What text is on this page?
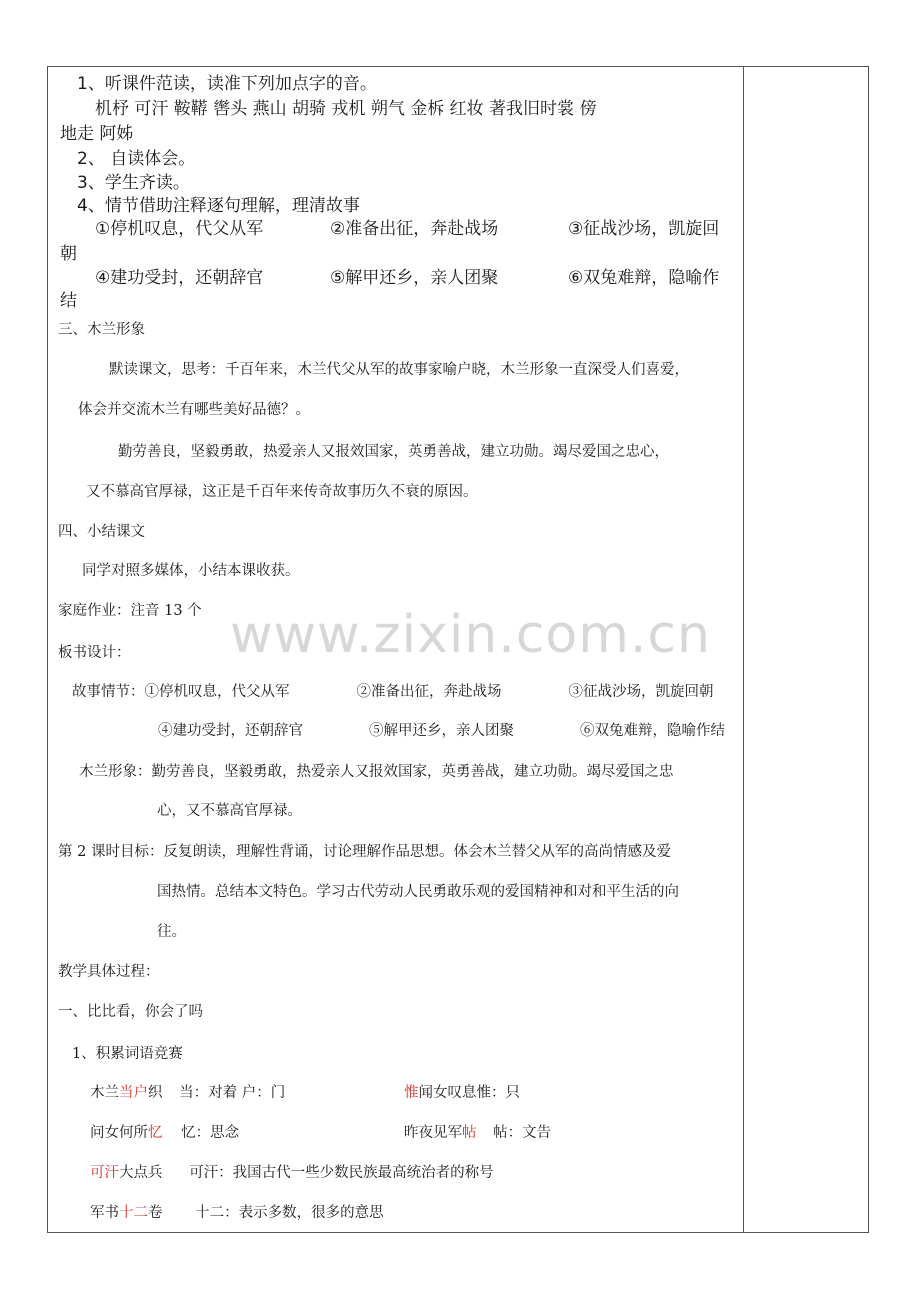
www.zixin.com.cn
1、听课件范读，读准下列加点字的音。
机杼 可汗 鞍鞯 辔头 燕山 胡骑 戎机 朔气 金柝 红妆 著我旧时裳 傍
地走 阿姊
2、 自读体会。
3、学生齐读。
4、情节借助注释逐句理解，理清故事
①停机叹息，代父从军	②准备出征，奔赴战场	③征战沙场，凯旋回
朝
④建功受封，还朝辞官	⑤解甲还乡，亲人团聚	⑥双兔难辩，隐喻作
结
三、木兰形象
默读课文，思考：千百年来，木兰代父从军的故事家喻户晓，木兰形象一直深受人们喜爱，
体会并交流木兰有哪些美好品德？。
勤劳善良，坚毅勇敢，热爱亲人又报效国家，英勇善战，建立功勋。竭尽爱国之忠心，
又不慕高官厚禄，这正是千百年来传奇故事历久不衰的原因。
四、小结课文
同学对照多媒体，小结本课收获。
家庭作业：注音 13 个
板书设计：
故事情节：①停机叹息，代父从军	②准备出征，奔赴战场	③征战沙场，凯旋回朝
④建功受封，还朝辞官	⑤解甲还乡，亲人团聚	⑥双兔难辩，隐喻作结
木兰形象：勤劳善良，坚毅勇敢，热爱亲人又报效国家，英勇善战，建立功勋。竭尽爱国之忠
心，又不慕高官厚禄。
第 2 课时目标：反复朗读，理解性背诵，讨论理解作品思想。体会木兰替父从军的高尚情感及爱
国热情。总结本文特色。学习古代劳动人民勇敢乐观的爱国精神和对和平生活的向
往。
教学具体过程：
一、比比看，你会了吗
1、积累词语竞赛
木兰当户织 当：对着 户：门	惟闻女叹息惟：只
问女何所忆 忆：思念	昨夜见军帖 帖：文告
可汗大点兵 可汗：我国古代一些少数民族最高统治者的称号
军书十二卷 十二：表示多数，很多的意思
